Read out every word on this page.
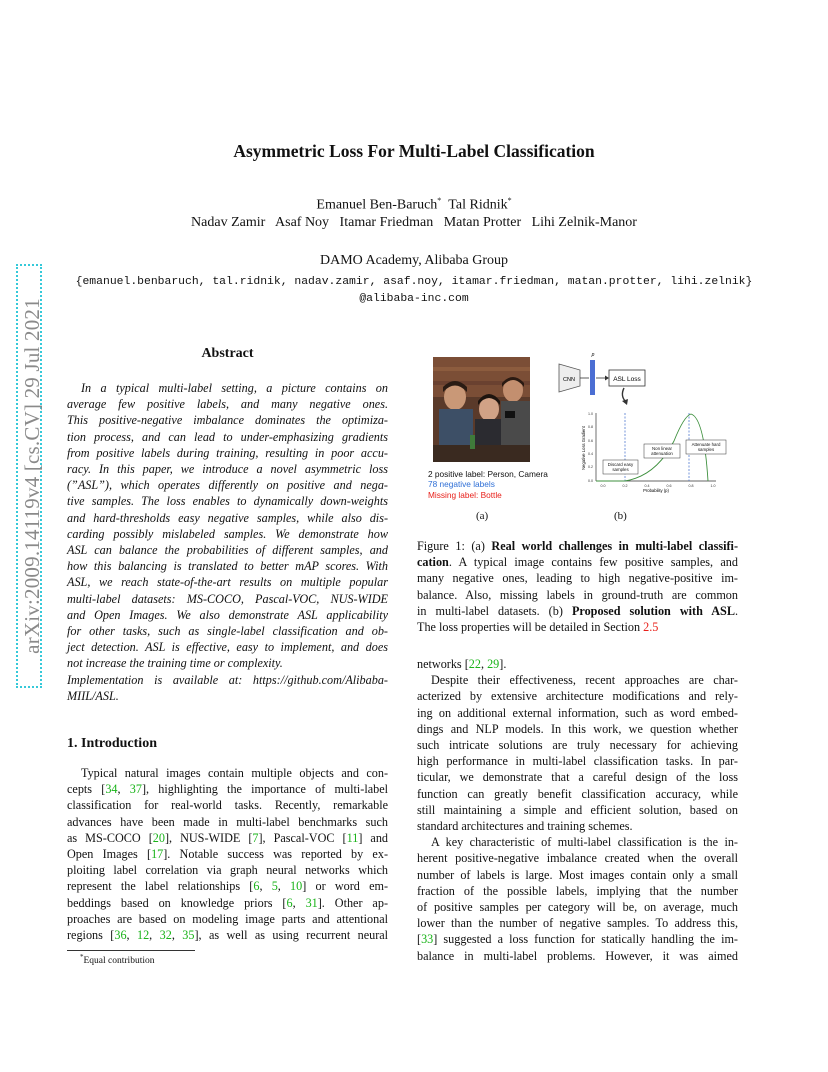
arXiv:2009.14119v4 [cs.CV] 29 Jul 2021
Asymmetric Loss For Multi-Label Classification
Emanuel Ben-Baruch* Tal Ridnik*
Nadav Zamir   Asaf Noy   Itamar Friedman   Matan Protter   Lihi Zelnik-Manor
DAMO Academy, Alibaba Group
{emanuel.benbaruch, tal.ridnik, nadav.zamir, asaf.noy, itamar.friedman, matan.protter, lihi.zelnik}
@alibaba-inc.com
Abstract

In a typical multi-label setting, a picture contains on

average few positive labels, and many negative ones.

This positive-negative imbalance dominates the optimiza-

tion process, and can lead to under-emphasizing gradients

from positive labels during training, resulting in poor accu-

racy. In this paper, we introduce a novel asymmetric loss

(”ASL”), which operates differently on positive and nega-

tive samples. The loss enables to dynamically down-weights

and hard-thresholds easy negative samples, while also dis-

carding possibly mislabeled samples. We demonstrate how

ASL can balance the probabilities of different samples, and

how this balancing is translated to better mAP scores. With

ASL, we reach state-of-the-art results on multiple popular

multi-label datasets: MS-COCO, Pascal-VOC, NUS-WIDE

and Open Images. We also demonstrate ASL applicability

for other tasks, such as single-label classification and ob-

ject detection. ASL is effective, easy to implement, and does

not increase the training time or complexity.

Implementation is available at: https://github.com/Alibaba-

MIIL/ASL.

1. Introduction

Typical natural images contain multiple objects and con-

cepts [34, 37], highlighting the importance of multi-label

classification for real-world tasks. Recently, remarkable

advances have been made in multi-label benchmarks such

as MS-COCO [20], NUS-WIDE [7], Pascal-VOC [11] and

Open Images [17]. Notable success was reported by ex-

ploiting label correlation via graph neural networks which

represent the label relationships [6, 5, 10] or word em-

beddings based on knowledge priors [6, 31]. Other ap-

proaches are based on modeling image parts and attentional

regions [36, 12, 32, 35], as well as using recurrent neural

*Equal contribution
2 positive label: Person, Camera
78 negative labels
Missing label: Bottle
(a)
CNN
p
ASL Loss
Negative Loss Gradient
Probability (p)
1.0
0.8
0.6
0.4
0.2
0.0
0.0	0.2	0.4	0.6	0.8	1.0
Discard easy samples
Non linear attenuation
Attenuate hard samples
(b)

Figure 1: (a) Real world challenges in multi-label classifi-

cation. A typical image contains few positive samples, and

many negative ones, leading to high negative-positive im-

balance. Also, missing labels in ground-truth are common

in multi-label datasets. (b) Proposed solution with ASL.

The loss properties will be detailed in Section 2.5

networks [22, 29].

Despite their effectiveness, recent approaches are char-

acterized by extensive architecture modifications and rely-

ing on additional external information, such as word embed-

dings and NLP models. In this work, we question whether

such intricate solutions are truly necessary for achieving

high performance in multi-label classification tasks. In par-

ticular, we demonstrate that a careful design of the loss

function can greatly benefit classification accuracy, while

still maintaining a simple and efficient solution, based on

standard architectures and training schemes.

A key characteristic of multi-label classification is the in-

herent positive-negative imbalance created when the overall

number of labels is large. Most images contain only a small

fraction of the possible labels, implying that the number

of positive samples per category will be, on average, much

lower than the number of negative samples. To address this,

[33] suggested a loss function for statically handling the im-

balance in multi-label problems. However, it was aimed
